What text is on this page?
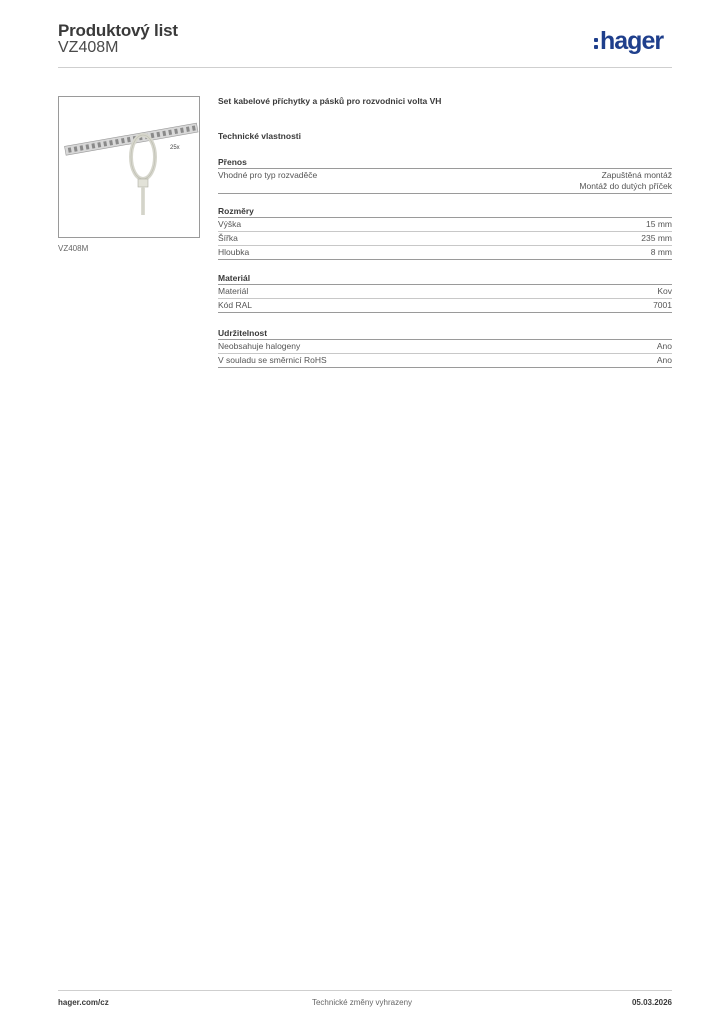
Produktový list
VZ408M	hager
25x
VZ408M
Set kabelové příchytky a pásků pro rozvodnici volta VH
Technické vlastnosti
Přenos
Vhodné pro typ rozvaděče	Zapuštěná montáž
Montáž do dutých příček
Rozměry
Výška	15 mm
Šířka	235 mm
Hloubka	8 mm
Materiál
Materiál	Kov
Kód RAL	7001
Udržitelnost
Neobsahuje halogeny	Ano
V souladu se směrnicí RoHS	Ano
hager.com/cz	Technické změny vyhrazeny	05.03.2026
